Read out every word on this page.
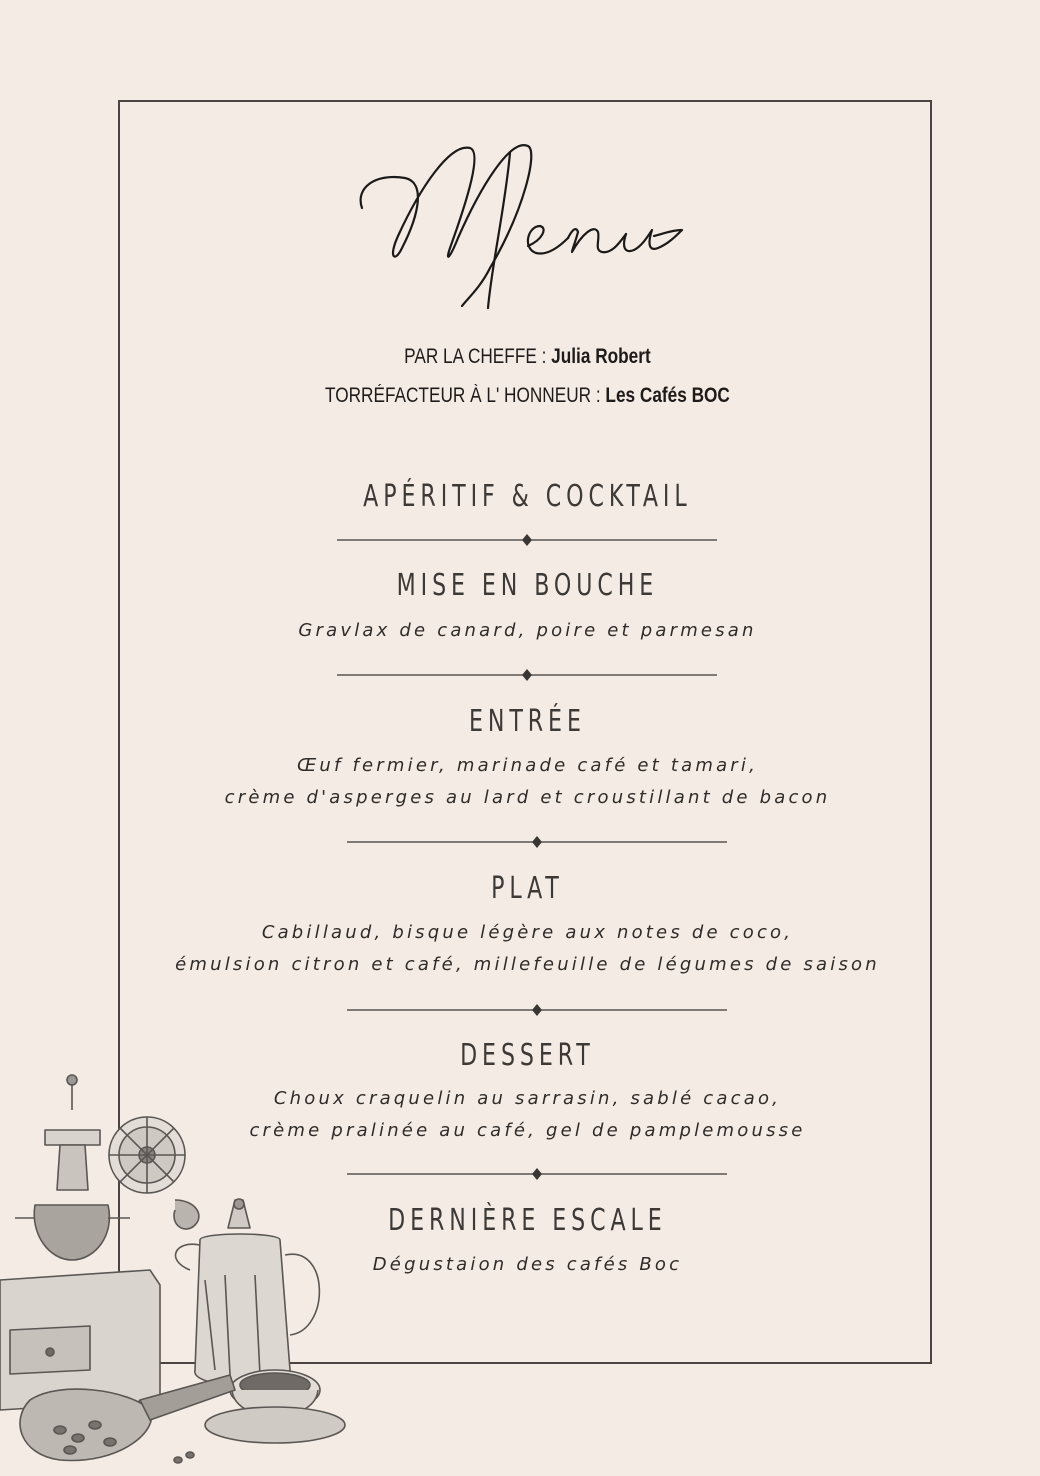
PAR LA CHEFFE : Julia Robert
TORRÉFACTEUR À L' HONNEUR : Les Cafés BOC
APÉRITIF & COCKTAIL
MISE EN BOUCHE

Gravlax de canard, poire et parmesan

ENTRÉE

Œuf fermier, marinade café et tamari,

crème d'asperges au lard et croustillant de bacon

PLAT

Cabillaud, bisque légère aux notes de coco,

émulsion citron et café, millefeuille de légumes de saison

DESSERT

Choux craquelin au sarrasin, sablé cacao,

crème pralinée au café, gel de pamplemousse

DERNIÈRE ESCALE

Dégustaion des cafés Boc
